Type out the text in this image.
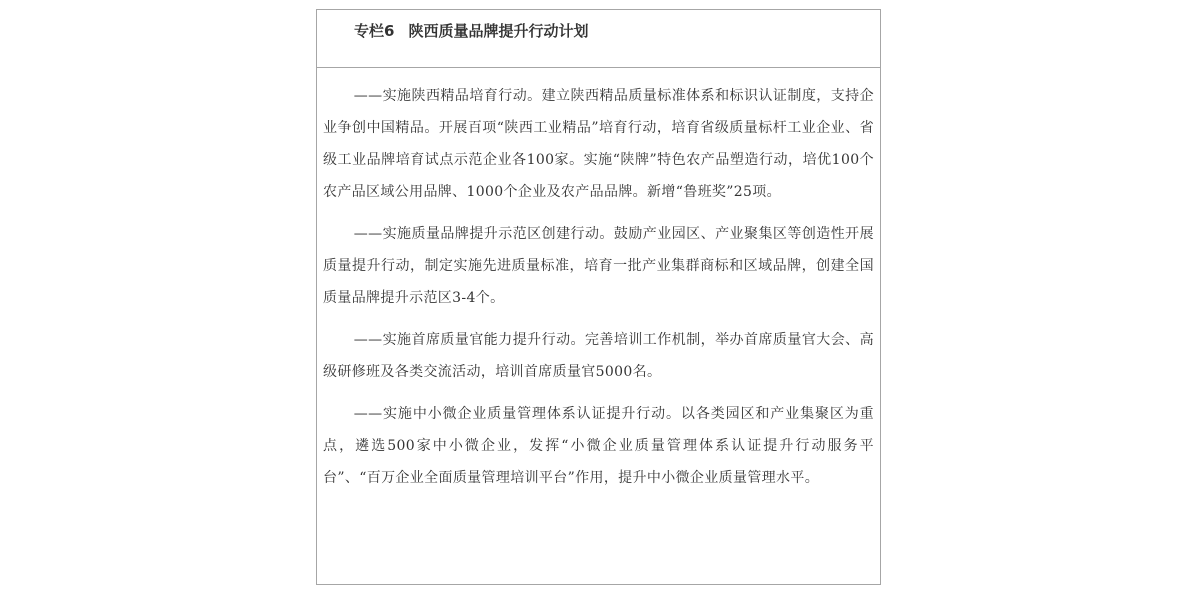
专栏6 陕西质量品牌提升行动计划

——实施陕西精品培育行动。建立陕西精品质量标准体系和标识认证制度，支持企业争创中国精品。开展百项“陕西工业精品”培育行动，培育省级质量标杆工业企业、省级工业品牌培育试点示范企业各100家。实施“陕牌”特色农产品塑造行动，培优100个农产品区域公用品牌、1000个企业及农产品品牌。新增“鲁班奖”25项。

——实施质量品牌提升示范区创建行动。鼓励产业园区、产业聚集区等创造性开展质量提升行动，制定实施先进质量标准，培育一批产业集群商标和区域品牌，创建全国质量品牌提升示范区3-4个。

——实施首席质量官能力提升行动。完善培训工作机制，举办首席质量官大会、高级研修班及各类交流活动，培训首席质量官5000名。

——实施中小微企业质量管理体系认证提升行动。以各类园区和产业集聚区为重点，遴选500家中小微企业，发挥“小微企业质量管理体系认证提升行动服务平台”、“百万企业全面质量管理培训平台”作用，提升中小微企业质量管理水平。
